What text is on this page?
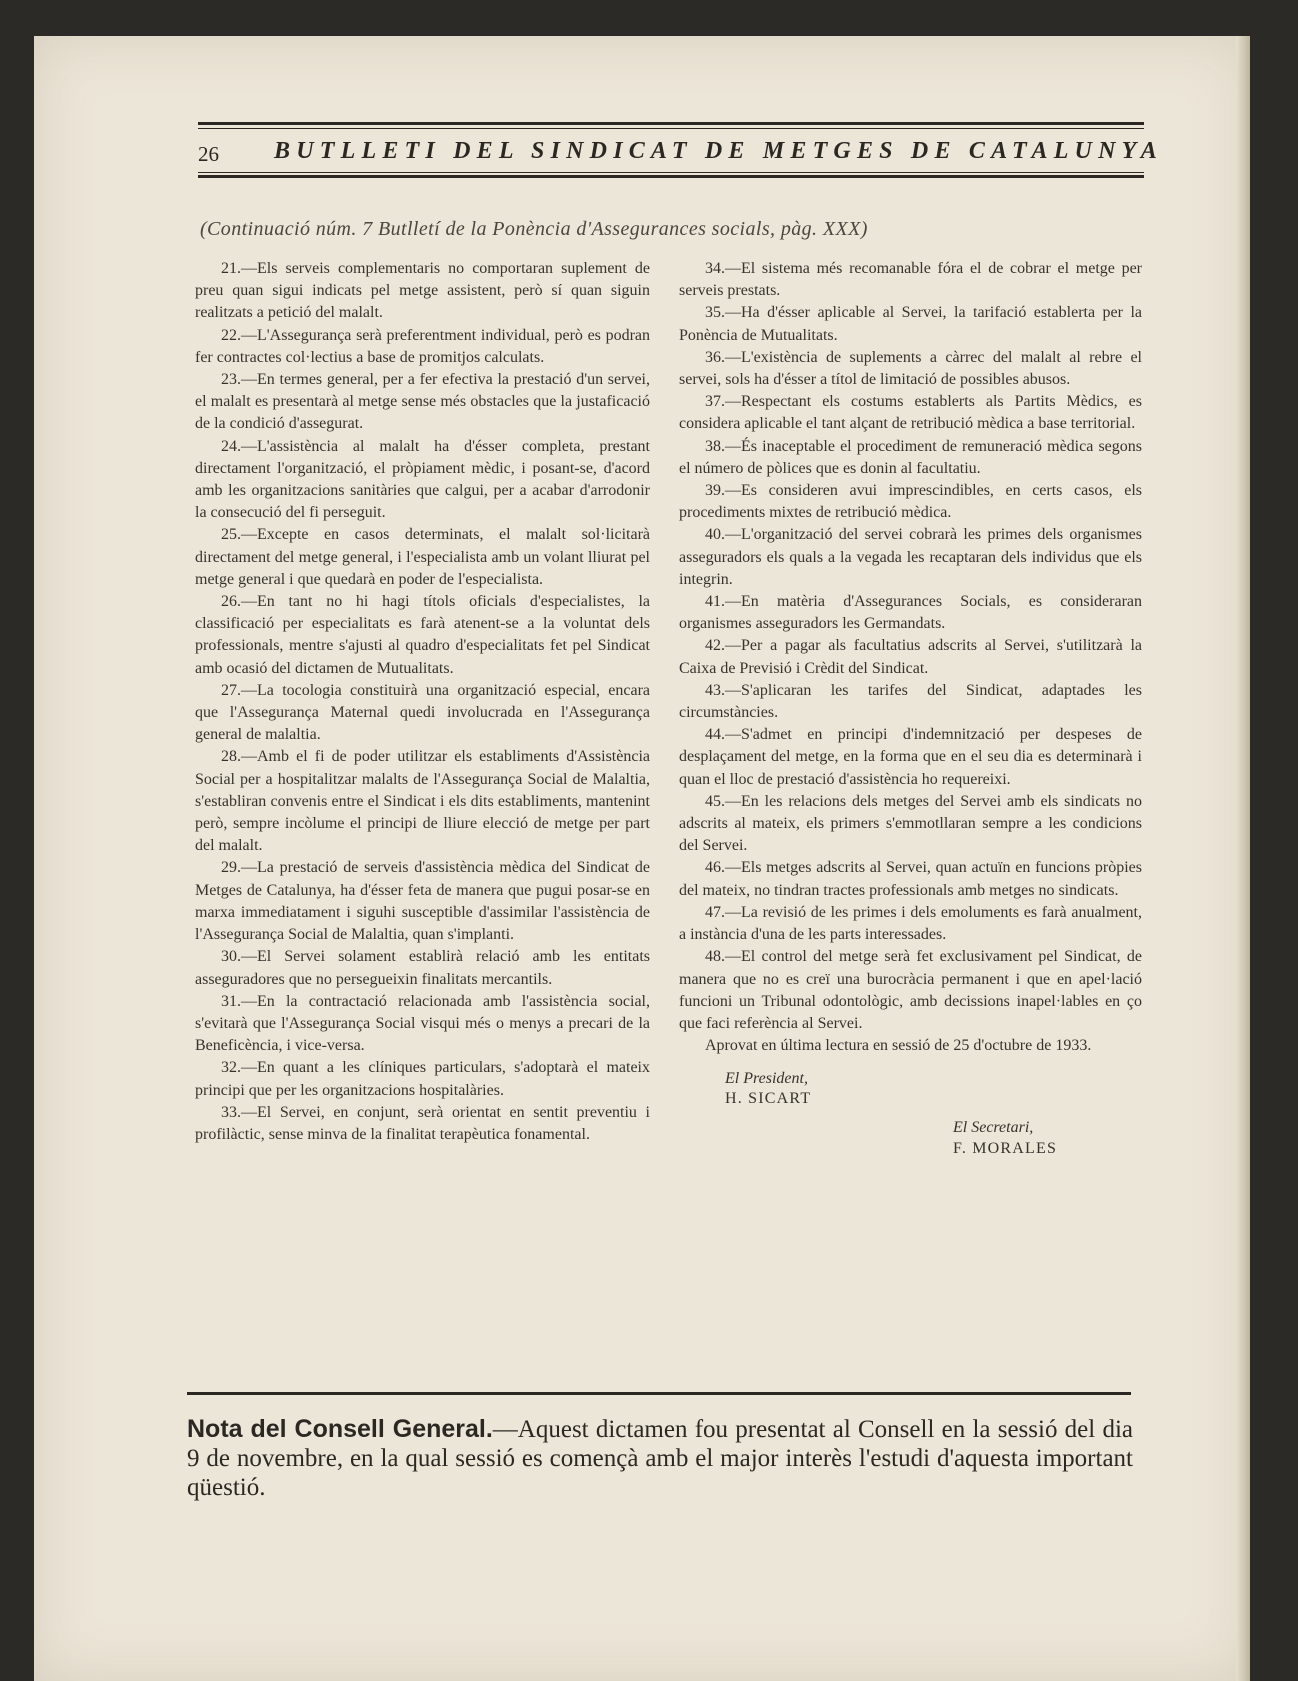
26 BUTLLETI DEL SINDICAT DE METGES DE CATALUNYA
(Continuació núm. 7 Butlletí de la Ponència d'Assegurances socials, pàg. XXX)

21.—Els serveis complementaris no comportaran suplement de preu quan sigui indicats pel metge assistent, però sí quan siguin realitzats a petició del malalt.

22.—L'Assegurança serà preferentment individual, però es podran fer contractes col·lectius a base de promitjos calculats.

23.—En termes general, per a fer efectiva la prestació d'un servei, el malalt es presentarà al metge sense més obstacles que la justaficació de la condició d'assegurat.

24.—L'assistència al malalt ha d'ésser completa, prestant directament l'organització, el pròpiament mèdic, i posant-se, d'acord amb les organitzacions sanitàries que calgui, per a acabar d'arrodonir la consecució del fi perseguit.

25.—Excepte en casos determinats, el malalt sol·licitarà directament del metge general, i l'especialista amb un volant lliurat pel metge general i que quedarà en poder de l'especialista.

26.—En tant no hi hagi títols oficials d'especialistes, la classificació per especialitats es farà atenent-se a la voluntat dels professionals, mentre s'ajusti al quadro d'especialitats fet pel Sindicat amb ocasió del dictamen de Mutualitats.

27.—La tocologia constituirà una organització especial, encara que l'Assegurança Maternal quedi involucrada en l'Assegurança general de malaltia.

28.—Amb el fi de poder utilitzar els establiments d'Assistència Social per a hospitalitzar malalts de l'Assegurança Social de Malaltia, s'establiran convenis entre el Sindicat i els dits establiments, mantenint però, sempre incòlume el principi de lliure elecció de metge per part del malalt.

29.—La prestació de serveis d'assistència mèdica del Sindicat de Metges de Catalunya, ha d'ésser feta de manera que pugui posar-se en marxa immediatament i siguhi susceptible d'assimilar l'assistència de l'Assegurança Social de Malaltia, quan s'implanti.

30.—El Servei solament establirà relació amb les entitats asseguradores que no persegueixin finalitats mercantils.

31.—En la contractació relacionada amb l'assistència social, s'evitarà que l'Assegurança Social visqui més o menys a precari de la Beneficència, i vice-versa.

32.—En quant a les clíniques particulars, s'adoptarà el mateix principi que per les organitzacions hospitalàries.

33.—El Servei, en conjunt, serà orientat en sentit preventiu i profilàctic, sense minva de la finalitat terapèutica fonamental.

34.—El sistema més recomanable fóra el de cobrar el metge per serveis prestats.

35.—Ha d'ésser aplicable al Servei, la tarifació establerta per la Ponència de Mutualitats.

36.—L'existència de suplements a càrrec del malalt al rebre el servei, sols ha d'ésser a títol de limitació de possibles abusos.

37.—Respectant els costums establerts als Partits Mèdics, es considera aplicable el tant alçant de retribució mèdica a base territorial.

38.—És inaceptable el procediment de remuneració mèdica segons el número de pòlices que es donin al facultatiu.

39.—Es consideren avui imprescindibles, en certs casos, els procediments mixtes de retribució mèdica.

40.—L'organització del servei cobrarà les primes dels organismes asseguradors els quals a la vegada les recaptaran dels individus que els integrin.

41.—En matèria d'Assegurances Socials, es consideraran organismes asseguradors les Germandats.

42.—Per a pagar als facultatius adscrits al Servei, s'utilitzarà la Caixa de Previsió i Crèdit del Sindicat.

43.—S'aplicaran les tarifes del Sindicat, adaptades les circumstàncies.

44.—S'admet en principi d'indemnització per despeses de desplaçament del metge, en la forma que en el seu dia es determinarà i quan el lloc de prestació d'assistència ho requereixi.

45.—En les relacions dels metges del Servei amb els sindicats no adscrits al mateix, els primers s'emmotllaran sempre a les condicions del Servei.

46.—Els metges adscrits al Servei, quan actuïn en funcions pròpies del mateix, no tindran tractes professionals amb metges no sindicats.

47.—La revisió de les primes i dels emoluments es farà anualment, a instància d'una de les parts interessades.

48.—El control del metge serà fet exclusivament pel Sindicat, de manera que no es creï una burocràcia permanent i que en apel·lació funcioni un Tribunal odontològic, amb decissions inapel·lables en ço que faci referència al Servei.

Aprovat en última lectura en sessió de 25 d'octubre de 1933.

El President,
H. SICART
El Secretari,
F. MORALES
Nota del Consell General.—Aquest dictamen fou presentat al Consell en la sessió del dia 9 de novembre, en la qual sessió es començà amb el major interès l'estudi d'aquesta important qüestió.
